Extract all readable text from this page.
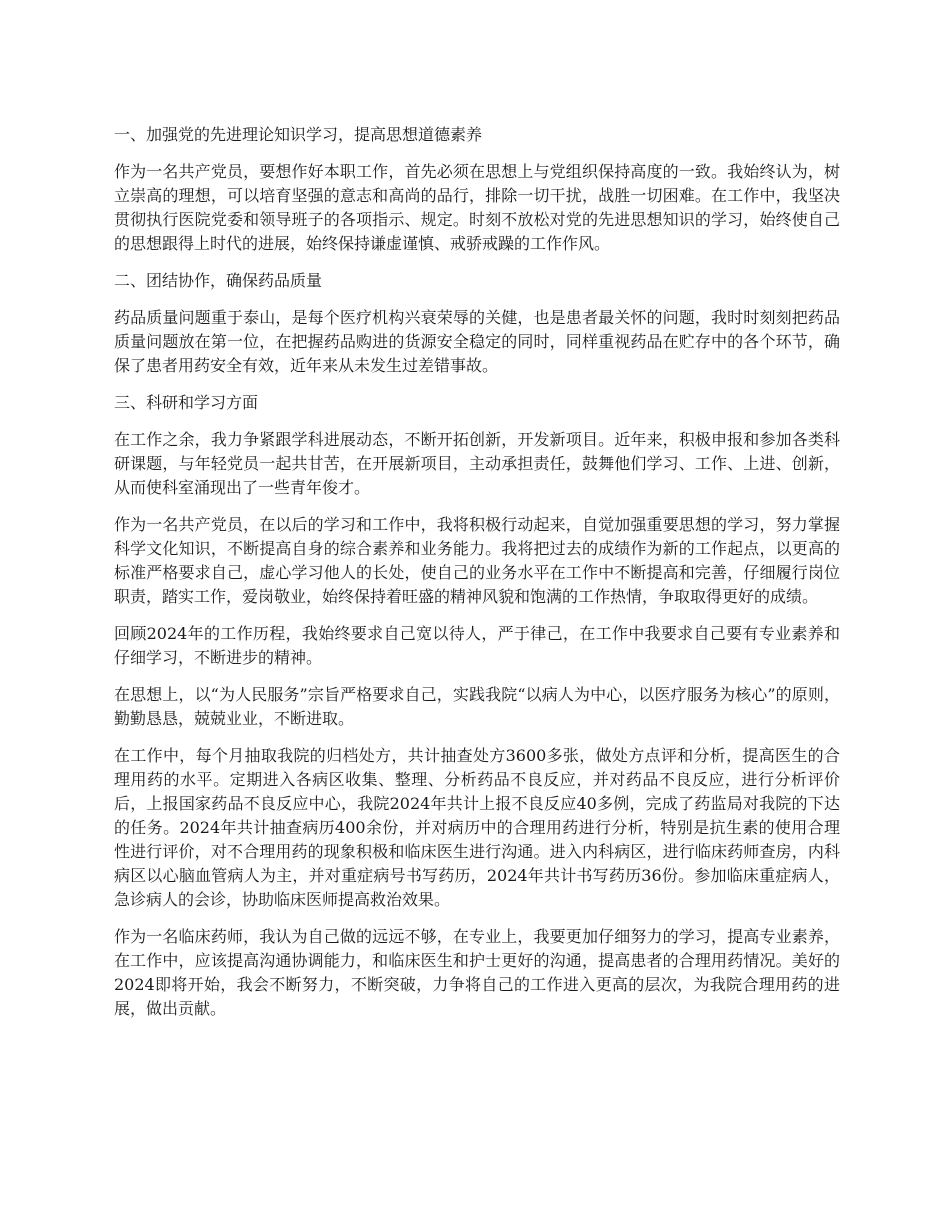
一、加强党的先进理论知识学习，提高思想道德素养
作为一名共产党员，要想作好本职工作，首先必须在思想上与党组织保持高度的一致。我始终认为，树立崇高的理想，可以培育坚强的意志和高尚的品行，排除一切干扰，战胜一切困难。在工作中，我坚决贯彻执行医院党委和领导班子的各项指示、规定。时刻不放松对党的先进思想知识的学习，始终使自己的思想跟得上时代的进展，始终保持谦虚谨慎、戒骄戒躁的工作作风。
二、团结协作，确保药品质量
药品质量问题重于泰山，是每个医疗机构兴衰荣辱的关健，也是患者最关怀的问题，我时时刻刻把药品质量问题放在第一位，在把握药品购进的货源安全稳定的同时，同样重视药品在贮存中的各个环节，确保了患者用药安全有效，近年来从未发生过差错事故。
三、科研和学习方面
在工作之余，我力争紧跟学科进展动态，不断开拓创新，开发新项目。近年来，积极申报和参加各类科研课题，与年轻党员一起共甘苦，在开展新项目，主动承担责任，鼓舞他们学习、工作、上进、创新，从而使科室涌现出了一些青年俊才。
作为一名共产党员，在以后的学习和工作中，我将积极行动起来，自觉加强重要思想的学习，努力掌握科学文化知识，不断提高自身的综合素养和业务能力。我将把过去的成绩作为新的工作起点，以更高的标准严格要求自己，虚心学习他人的长处，使自己的业务水平在工作中不断提高和完善，仔细履行岗位职责，踏实工作，爱岗敬业，始终保持着旺盛的精神风貌和饱满的工作热情，争取取得更好的成绩。
回顾2024年的工作历程，我始终要求自己宽以待人，严于律己，在工作中我要求自己要有专业素养和仔细学习，不断进步的精神。
在思想上，以“为人民服务”宗旨严格要求自己，实践我院“以病人为中心，以医疗服务为核心”的原则，勤勤恳恳，兢兢业业，不断进取。
在工作中，每个月抽取我院的归档处方，共计抽查处方3600多张，做处方点评和分析，提高医生的合理用药的水平。定期进入各病区收集、整理、分析药品不良反应，并对药品不良反应，进行分析评价后，上报国家药品不良反应中心，我院2024年共计上报不良反应40多例，完成了药监局对我院的下达的任务。2024年共计抽查病历400余份，并对病历中的合理用药进行分析，特别是抗生素的使用合理性进行评价，对不合理用药的现象积极和临床医生进行沟通。进入内科病区，进行临床药师查房，内科病区以心脑血管病人为主，并对重症病号书写药历，2024年共计书写药历36份。参加临床重症病人，急诊病人的会诊，协助临床医师提高救治效果。
作为一名临床药师，我认为自己做的远远不够，在专业上，我要更加仔细努力的学习，提高专业素养，在工作中，应该提高沟通协调能力，和临床医生和护士更好的沟通，提高患者的合理用药情况。美好的2024即将开始，我会不断努力，不断突破，力争将自己的工作进入更高的层次，为我院合理用药的进展，做出贡献。
